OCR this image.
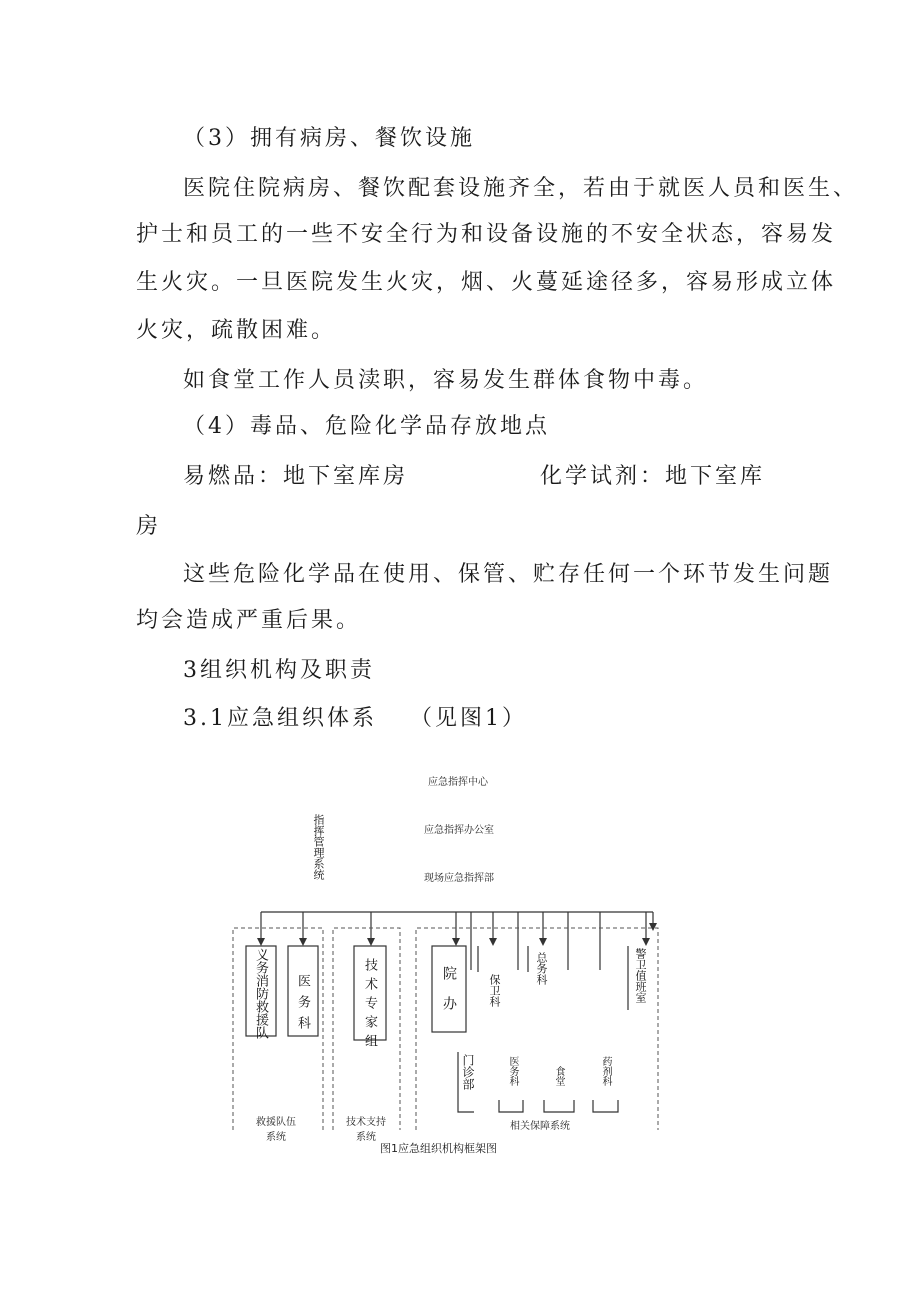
（3）拥有病房、餐饮设施
医院住院病房、餐饮配套设施齐全，若由于就医人员和医生、
护士和员工的一些不安全行为和设备设施的不安全状态，容易发
生火灾。一旦医院发生火灾，烟、火蔓延途径多，容易形成立体
火灾，疏散困难。
如食堂工作人员渎职，容易发生群体食物中毒。
（4）毒品、危险化学品存放地点
易燃品：地下室库房	化学试剂：地下室库
房
这些危险化学品在使用、保管、贮存任何一个环节发生问题
均会造成严重后果。
3组织机构及职责
3.1应急组织体系 （见图1）
应急指挥中心
应急指挥办公室
现场应急指挥部
指挥管理系统
义务消防救援队 医务科	技术专家组	院办	保卫科
总务科	警卫值班室
门诊部	医务科	食堂	药剂科
救援队伍系统
技术支持系统
相关保障系统
图1应急组织机构框架图
